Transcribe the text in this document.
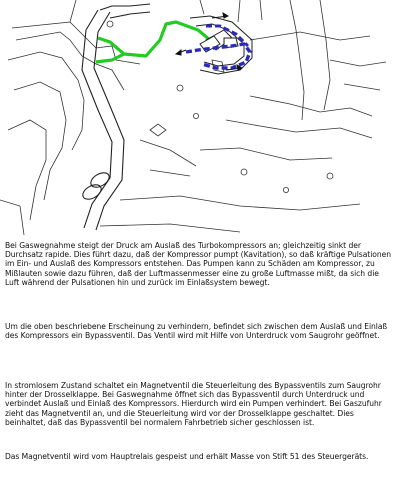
Bei Gaswegnahme steigt der Druck am Auslaß des Turbokompressors an; gleichzeitig sinkt der Durchsatz rapide. Dies führt dazu, daß der Kompressor pumpt (Kavitation), so daß kräftige Pulsationen im Ein- und Auslaß des Kompressors entstehen. Das Pumpen kann zu Schäden am Kompressor, zu Mißlauten sowie dazu führen, daß der Luftmassenmesser eine zu große Luftmasse mißt, da sich die Luft während der Pulsationen hin und zurück im Einlaßsystem bewegt.

Um die oben beschriebene Erscheinung zu verhindern, befindet sich zwischen dem Auslaß und Einlaß des Kompressors ein Bypassventil. Das Ventil wird mit Hilfe von Unterdruck vom Saugrohr geöffnet.

In stromlosem Zustand schaltet ein Magnetventil die Steuerleitung des Bypassventils zum Saugrohr hinter der Drosselklappe. Bei Gaswegnahme öffnet sich das Bypassventil durch Unterdruck und verbindet Auslaß und Einlaß des Kompressors. Hierdurch wird ein Pumpen verhindert. Bei Gaszufuhr zieht das Magnetventil an, und die Steuerleitung wird vor der Drosselklappe geschaltet. Dies beinhaltet, daß das Bypassventil bei normalem Fahrbetrieb sicher geschlossen ist.

Das Magnetventil wird vom Hauptrelais gespeist und erhält Masse von Stift 51 des Steuergeräts.
